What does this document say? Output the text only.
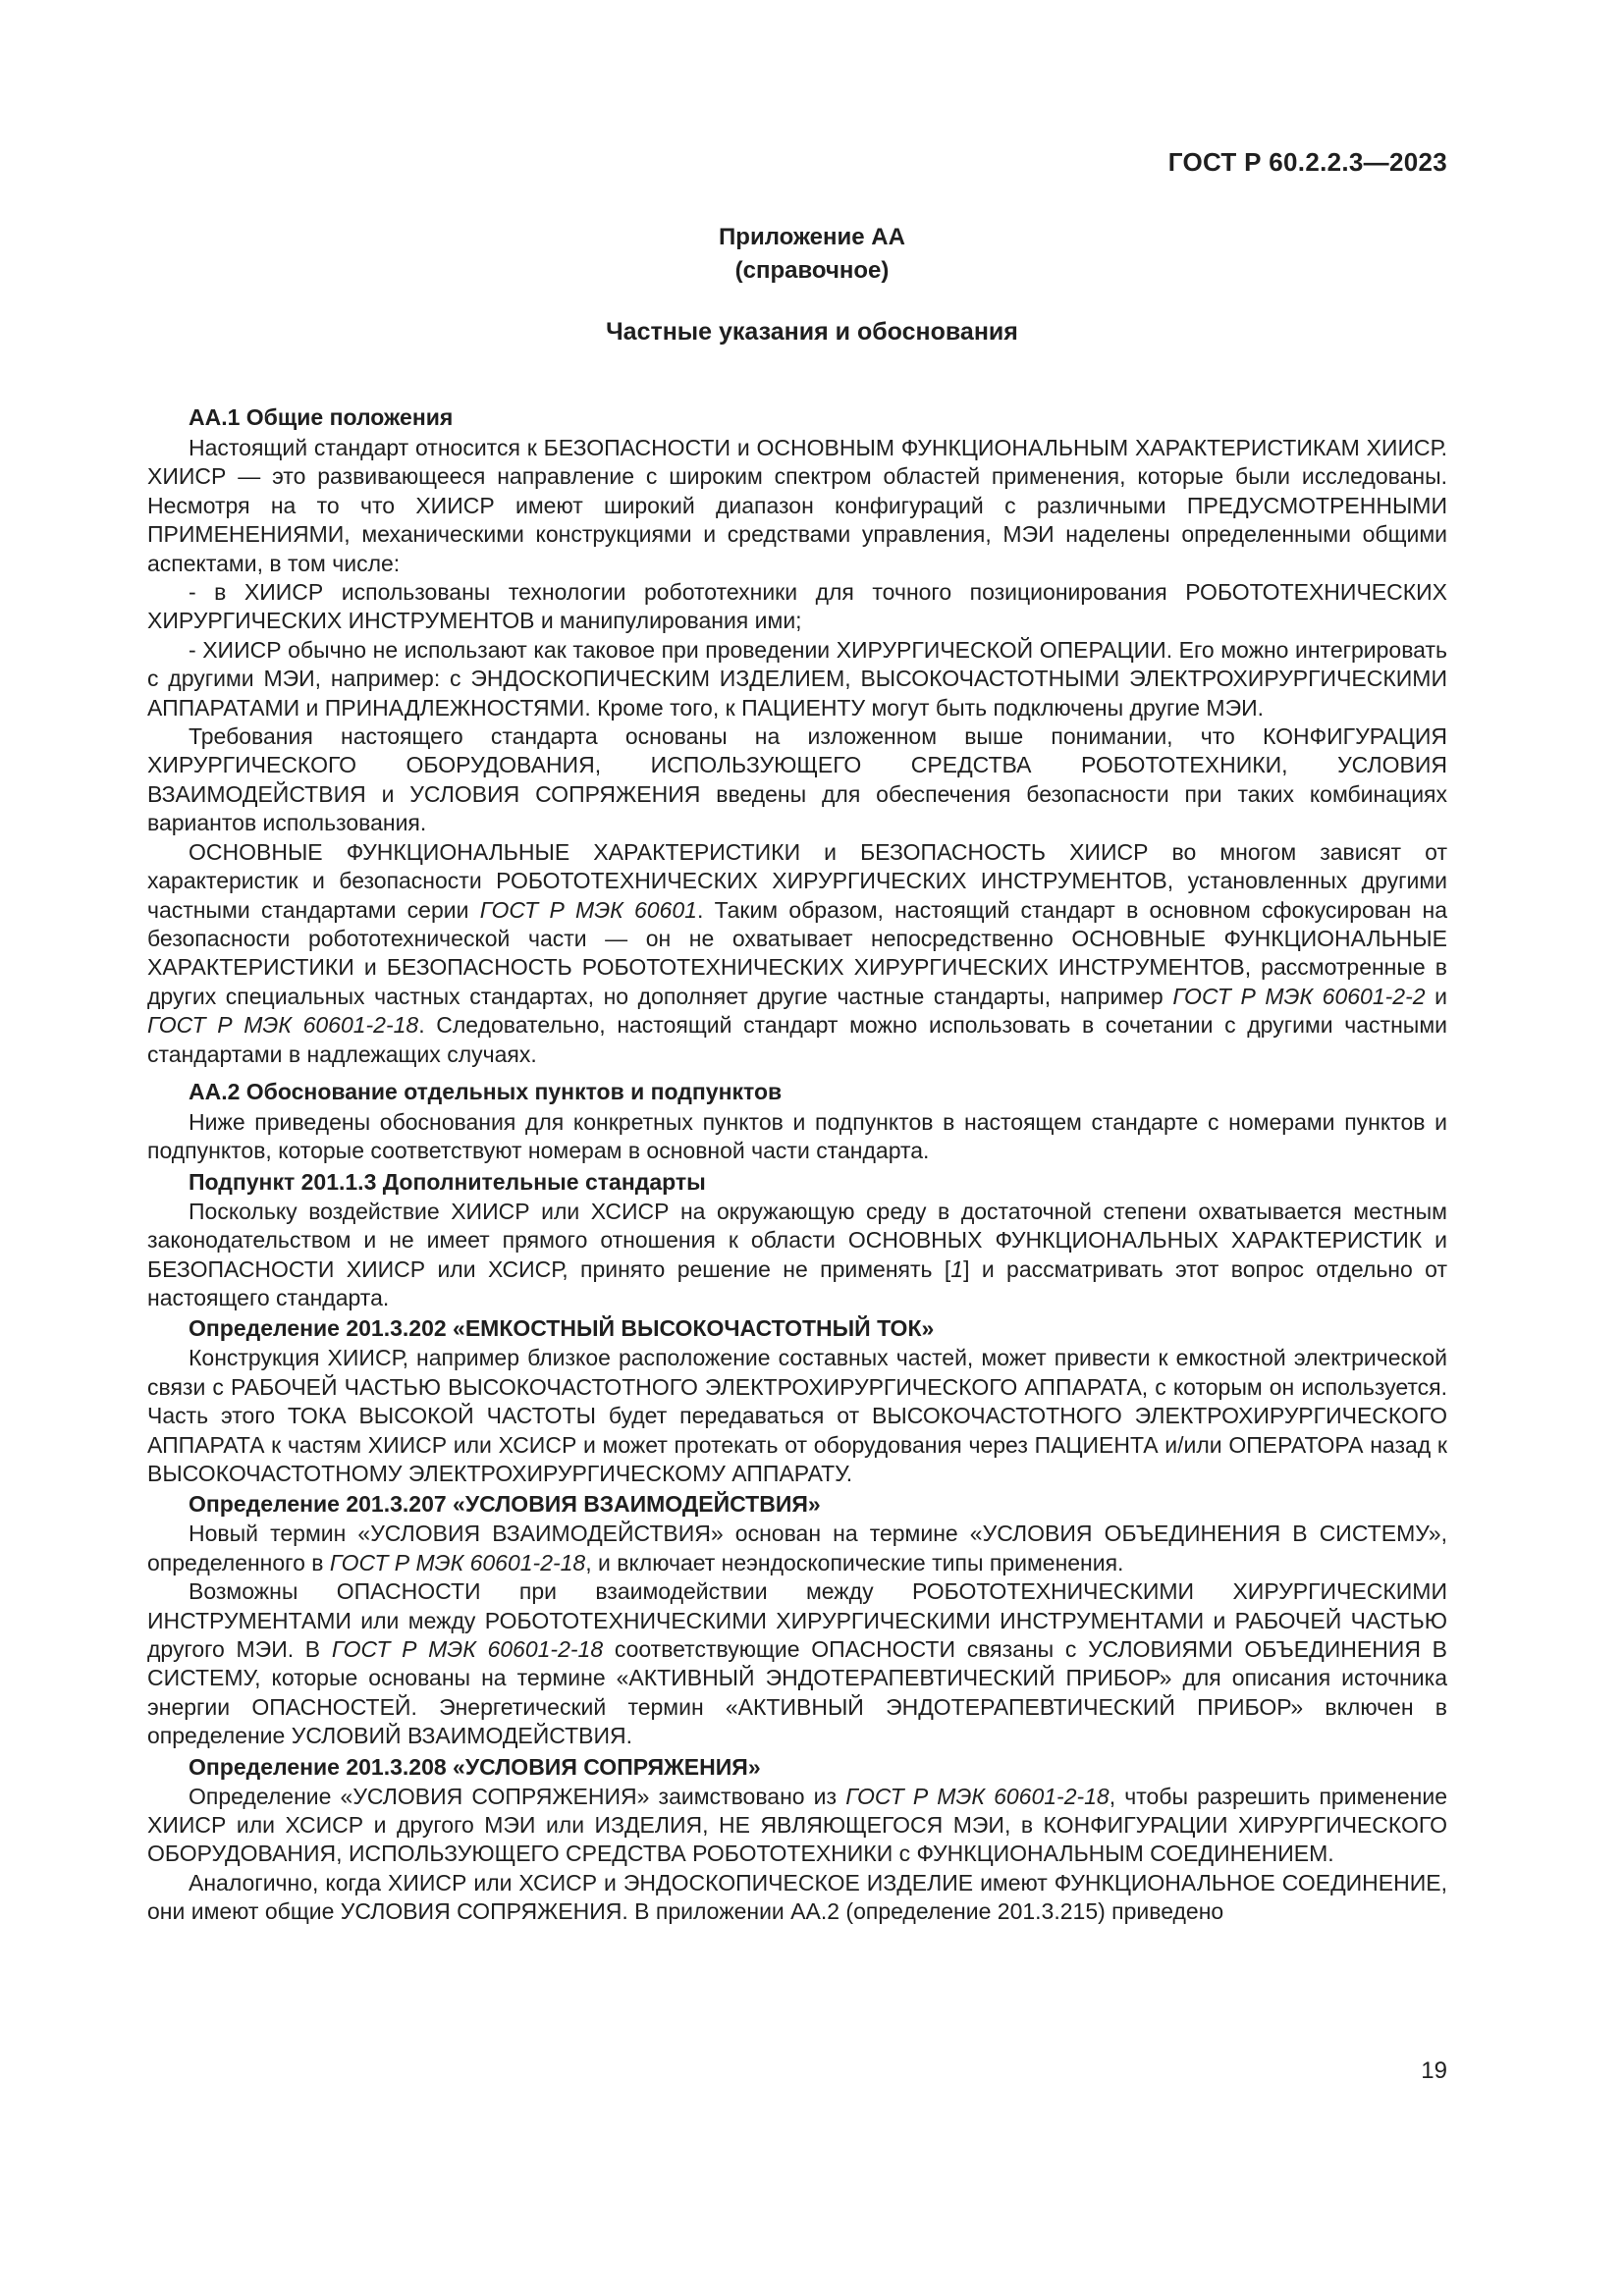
ГОСТ Р 60.2.2.3—2023
Приложение АА
(справочное)
Частные указания и обоснования
АА.1 Общие положения

Настоящий стандарт относится к БЕЗОПАСНОСТИ и ОСНОВНЫМ ФУНКЦИОНАЛЬНЫМ ХАРАКТЕРИСТИКАМ ХИИСР. ХИИСР — это развивающееся направление с широким спектром областей применения, которые были исследованы. Несмотря на то что ХИИСР имеют широкий диапазон конфигураций с различными ПРЕДУСМОТРЕННЫМИ ПРИМЕНЕНИЯМИ, механическими конструкциями и средствами управления, МЭИ наделены определенными общими аспектами, в том числе:

- в ХИИСР использованы технологии робототехники для точного позиционирования РОБОТОТЕХНИЧЕСКИХ ХИРУРГИЧЕСКИХ ИНСТРУМЕНТОВ и манипулирования ими;

- ХИИСР обычно не использают как таковое при проведении ХИРУРГИЧЕСКОЙ ОПЕРАЦИИ. Его можно интегрировать с другими МЭИ, например: с ЭНДОСКОПИЧЕСКИМ ИЗДЕЛИЕМ, ВЫСОКОЧАСТОТНЫМИ ЭЛЕКТРОХИРУРГИЧЕСКИМИ АППАРАТАМИ и ПРИНАДЛЕЖНОСТЯМИ. Кроме того, к ПАЦИЕНТУ могут быть подключены другие МЭИ.

Требования настоящего стандарта основаны на изложенном выше понимании, что КОНФИГУРАЦИЯ ХИРУРГИЧЕСКОГО ОБОРУДОВАНИЯ, ИСПОЛЬЗУЮЩЕГО СРЕДСТВА РОБОТОТЕХНИКИ, УСЛОВИЯ ВЗАИМОДЕЙСТВИЯ и УСЛОВИЯ СОПРЯЖЕНИЯ введены для обеспечения безопасности при таких комбинациях вариантов использования.

ОСНОВНЫЕ ФУНКЦИОНАЛЬНЫЕ ХАРАКТЕРИСТИКИ и БЕЗОПАСНОСТЬ ХИИСР во многом зависят от характеристик и безопасности РОБОТОТЕХНИЧЕСКИХ ХИРУРГИЧЕСКИХ ИНСТРУМЕНТОВ, установленных другими частными стандартами серии ГОСТ Р МЭК 60601. Таким образом, настоящий стандарт в основном сфокусирован на безопасности робототехнической части — он не охватывает непосредственно ОСНОВНЫЕ ФУНКЦИОНАЛЬНЫЕ ХАРАКТЕРИСТИКИ и БЕЗОПАСНОСТЬ РОБОТОТЕХНИЧЕСКИХ ХИРУРГИЧЕСКИХ ИНСТРУМЕНТОВ, рассмотренные в других специальных частных стандартах, но дополняет другие частные стандарты, например ГОСТ Р МЭК 60601-2-2 и ГОСТ Р МЭК 60601-2-18. Следовательно, настоящий стандарт можно использовать в сочетании с другими частными стандартами в надлежащих случаях.

АА.2 Обоснование отдельных пунктов и подпунктов

Ниже приведены обоснования для конкретных пунктов и подпунктов в настоящем стандарте с номерами пунктов и подпунктов, которые соответствуют номерам в основной части стандарта.

Подпункт 201.1.3 Дополнительные стандарты

Поскольку воздействие ХИИСР или ХСИСР на окружающую среду в достаточной степени охватывается местным законодательством и не имеет прямого отношения к области ОСНОВНЫХ ФУНКЦИОНАЛЬНЫХ ХАРАКТЕРИСТИК и БЕЗОПАСНОСТИ ХИИСР или ХСИСР, принято решение не применять [1] и рассматривать этот вопрос отдельно от настоящего стандарта.

Определение 201.3.202 «ЕМКОСТНЫЙ ВЫСОКОЧАСТОТНЫЙ ТОК»

Конструкция ХИИСР, например близкое расположение составных частей, может привести к емкостной электрической связи с РАБОЧЕЙ ЧАСТЬЮ ВЫСОКОЧАСТОТНОГО ЭЛЕКТРОХИРУРГИЧЕСКОГО АППАРАТА, с которым он используется. Часть этого ТОКА ВЫСОКОЙ ЧАСТОТЫ будет передаваться от ВЫСОКОЧАСТОТНОГО ЭЛЕКТРОХИРУРГИЧЕСКОГО АППАРАТА к частям ХИИСР или ХСИСР и может протекать от оборудования через ПАЦИЕНТА и/или ОПЕРАТОРА назад к ВЫСОКОЧАСТОТНОМУ ЭЛЕКТРОХИРУРГИЧЕСКОМУ АППАРАТУ.

Определение 201.3.207 «УСЛОВИЯ ВЗАИМОДЕЙСТВИЯ»

Новый термин «УСЛОВИЯ ВЗАИМОДЕЙСТВИЯ» основан на термине «УСЛОВИЯ ОБЪЕДИНЕНИЯ В СИСТЕМУ», определенного в ГОСТ Р МЭК 60601-2-18, и включает неэндоскопические типы применения.

Возможны ОПАСНОСТИ при взаимодействии между РОБОТОТЕХНИЧЕСКИМИ ХИРУРГИЧЕСКИМИ ИНСТРУМЕНТАМИ или между РОБОТОТЕХНИЧЕСКИМИ ХИРУРГИЧЕСКИМИ ИНСТРУМЕНТАМИ и РАБОЧЕЙ ЧАСТЬЮ другого МЭИ. В ГОСТ Р МЭК 60601-2-18 соответствующие ОПАСНОСТИ связаны с УСЛОВИЯМИ ОБЪЕДИНЕНИЯ В СИСТЕМУ, которые основаны на термине «АКТИВНЫЙ ЭНДОТЕРАПЕВТИЧЕСКИЙ ПРИБОР» для описания источника энергии ОПАСНОСТЕЙ. Энергетический термин «АКТИВНЫЙ ЭНДОТЕРАПЕВТИЧЕСКИЙ ПРИБОР» включен в определение УСЛОВИЙ ВЗАИМОДЕЙСТВИЯ.

Определение 201.3.208 «УСЛОВИЯ СОПРЯЖЕНИЯ»

Определение «УСЛОВИЯ СОПРЯЖЕНИЯ» заимствовано из ГОСТ Р МЭК 60601-2-18, чтобы разрешить применение ХИИСР или ХСИСР и другого МЭИ или ИЗДЕЛИЯ, НЕ ЯВЛЯЮЩЕГОСЯ МЭИ, в КОНФИГУРАЦИИ ХИРУРГИЧЕСКОГО ОБОРУДОВАНИЯ, ИСПОЛЬЗУЮЩЕГО СРЕДСТВА РОБОТОТЕХНИКИ с ФУНКЦИОНАЛЬНЫМ СОЕДИНЕНИЕМ.

Аналогично, когда ХИИСР или ХСИСР и ЭНДОСКОПИЧЕСКОЕ ИЗДЕЛИЕ имеют ФУНКЦИОНАЛЬНОЕ СОЕДИНЕНИЕ, они имеют общие УСЛОВИЯ СОПРЯЖЕНИЯ. В приложении АА.2 (определение 201.3.215) приведено

19
